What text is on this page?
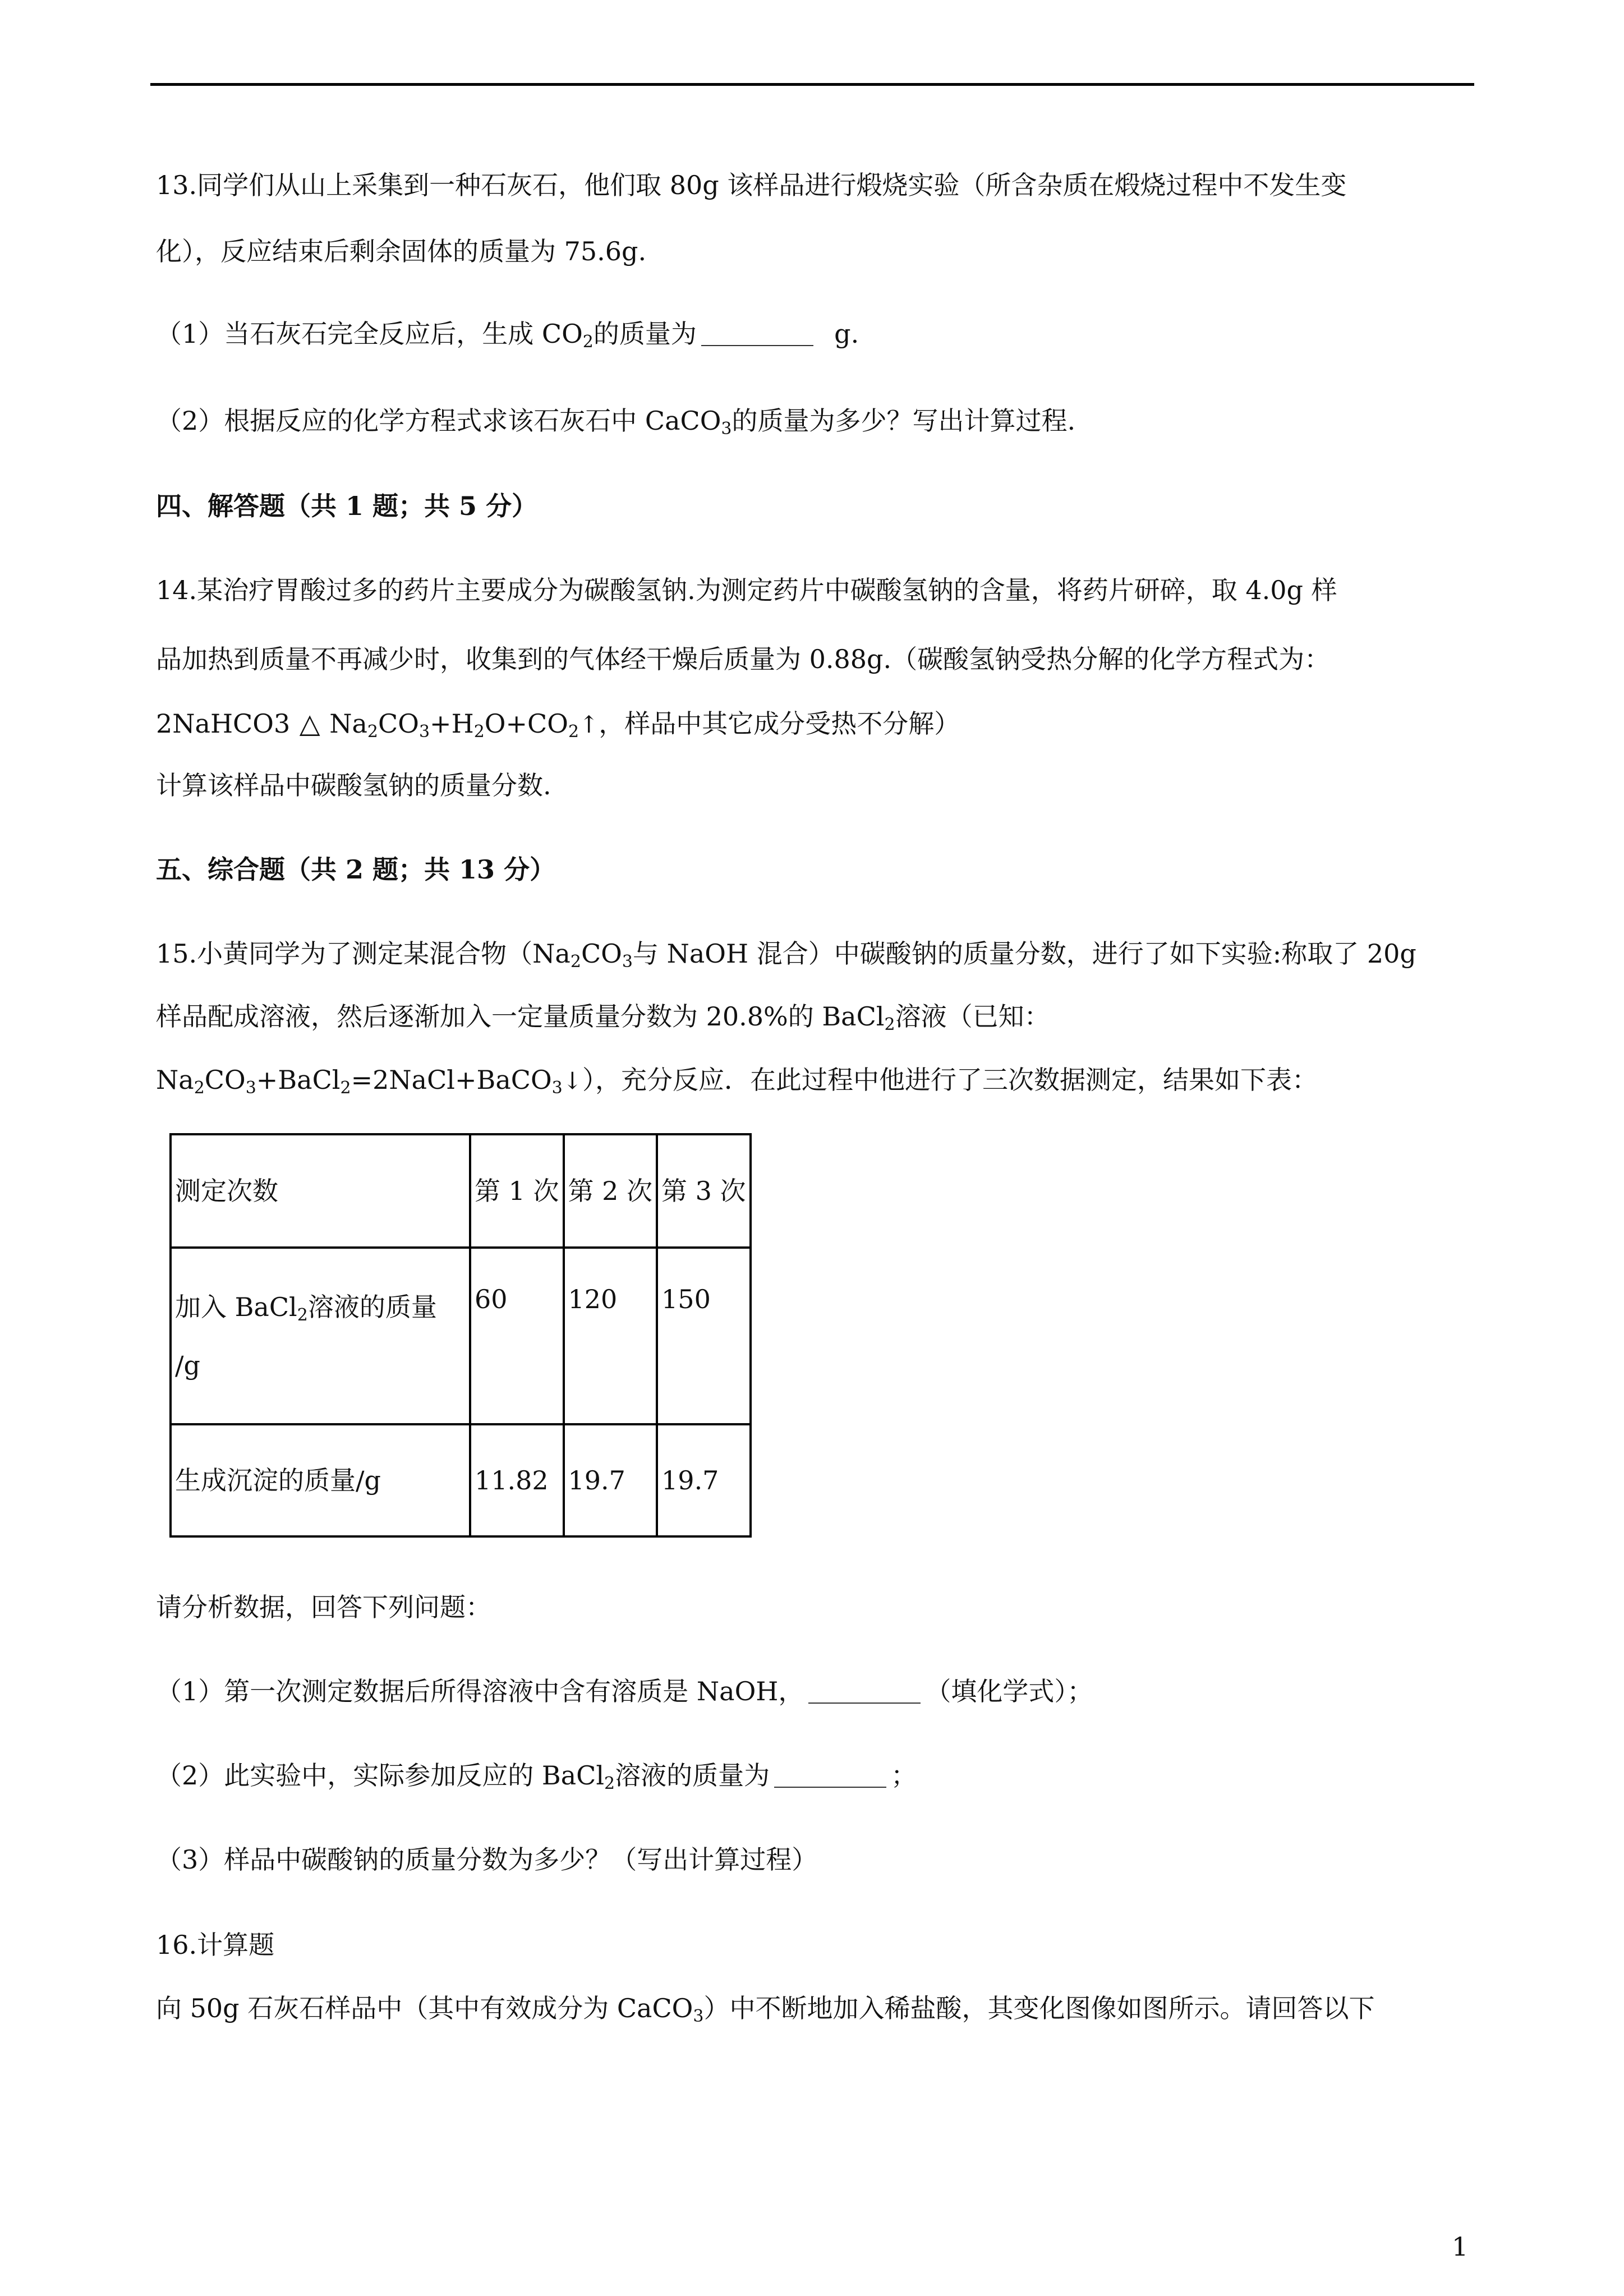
13.同学们从山上采集到一种石灰石，他们取 80g 该样品进行煅烧实验（所含杂质在煅烧过程中不发生变
化），反应结束后剩余固体的质量为 75.6g.
（1）当石灰石完全反应后，生成 $CO_2$的质量为	g.
（2）根据反应的化学方程式求该石灰石中 CaCO$_3$的质量为多少？写出计算过程.
四、解答题（共 1 题；共 5 分）
14.某治疗胃酸过多的药片主要成分为碳酸氢钠.为测定药片中碳酸氢钠的含量，将药片研碎，取 4.0g 样
品加热到质量不再减少时，收集到的气体经干燥后质量为 0.88g.（碳酸氢钠受热分解的化学方程式为：
2NaHCO3 △ $Na_2CO_3+H_2O+CO_2↑$，样品中其它成分受热不分解）
计算该样品中碳酸氢钠的质量分数.
五、综合题（共 2 题；共 13 分）
15.小黄同学为了测定某混合物（$Na_2CO_3$与 NaOH 混合）中碳酸钠的质量分数，进行了如下实验:称取了 20g
样品配成溶液，然后逐渐加入一定量质量分数为 20.8%的 BaCl$_2$溶液（已知：
$Na_2CO_3+BaCl_2=2NaCl+BaCO_3↓$），充分反应．在此过程中他进行了三次数据测定，结果如下表：
测定次数	第 1 次	第 2 次	第 3 次
加入 BaCl$_2$溶液的质量
/g	60	120	150
生成沉淀的质量/g	11.82	19.7	19.7
请分析数据，回答下列问题：
（1）第一次测定数据后所得溶液中含有溶质是 NaOH，	（填化学式）；
（2）此实验中，实际参加反应的 BaCl$_2$溶液的质量为	；
（3）样品中碳酸钠的质量分数为多少？（写出计算过程）
16.计算题
向 50g 石灰石样品中（其中有效成分为 CaCO$_3$）中不断地加入稀盐酸，其变化图像如图所示。请回答以下
1
